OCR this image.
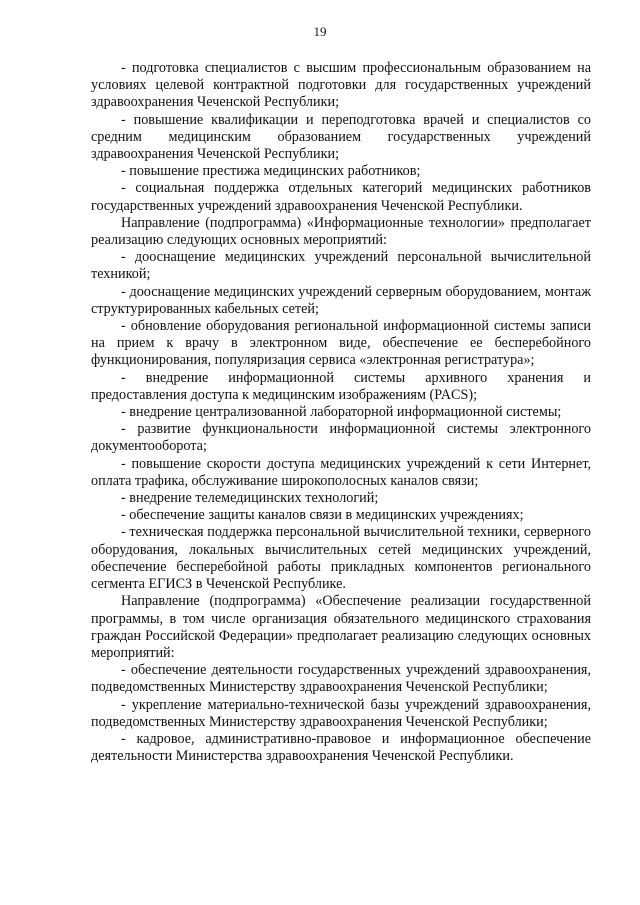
19

- подготовка специалистов с высшим профессиональным образованием на условиях целевой контрактной подготовки для государственных учреждений здравоохранения Чеченской Республики;

- повышение квалификации и переподготовка врачей и специалистов со средним медицинским образованием государственных учреждений здравоохранения Чеченской Республики;

- повышение престижа медицинских работников;

- социальная поддержка отдельных категорий медицинских работников государственных учреждений здравоохранения Чеченской Республики.

Направление (подпрограмма) «Информационные технологии» предполагает реализацию следующих основных мероприятий:

- дооснащение медицинских учреждений персональной вычислительной техникой;

- дооснащение медицинских учреждений серверным оборудованием, монтаж структурированных кабельных сетей;

- обновление оборудования региональной информационной системы записи на прием к врачу в электронном виде, обеспечение ее бесперебойного функционирования, популяризация сервиса «электронная регистратура»;

- внедрение информационной системы архивного хранения и предоставления доступа к медицинским изображениям (PACS);

- внедрение централизованной лабораторной информационной системы;

- развитие функциональности информационной системы электронного документооборота;

- повышение скорости доступа медицинских учреждений к сети Интернет, оплата трафика, обслуживание широкополосных каналов связи;

- внедрение телемедицинских технологий;

- обеспечение защиты каналов связи в медицинских учреждениях;

- техническая поддержка персональной вычислительной техники, серверного оборудования, локальных вычислительных сетей медицинских учреждений, обеспечение бесперебойной работы прикладных компонентов регионального сегмента ЕГИСЗ в Чеченской Республике.

Направление (подпрограмма) «Обеспечение реализации государственной программы, в том числе организация обязательного медицинского страхования граждан Российской Федерации» предполагает реализацию следующих основных мероприятий:

- обеспечение деятельности государственных учреждений здравоохранения, подведомственных Министерству здравоохранения Чеченской Республики;

- укрепление материально-технической базы учреждений здравоохранения, подведомственных Министерству здравоохранения Чеченской Республики;

- кадровое, административно-правовое и информационное обеспечение деятельности Министерства здравоохранения Чеченской Республики.
